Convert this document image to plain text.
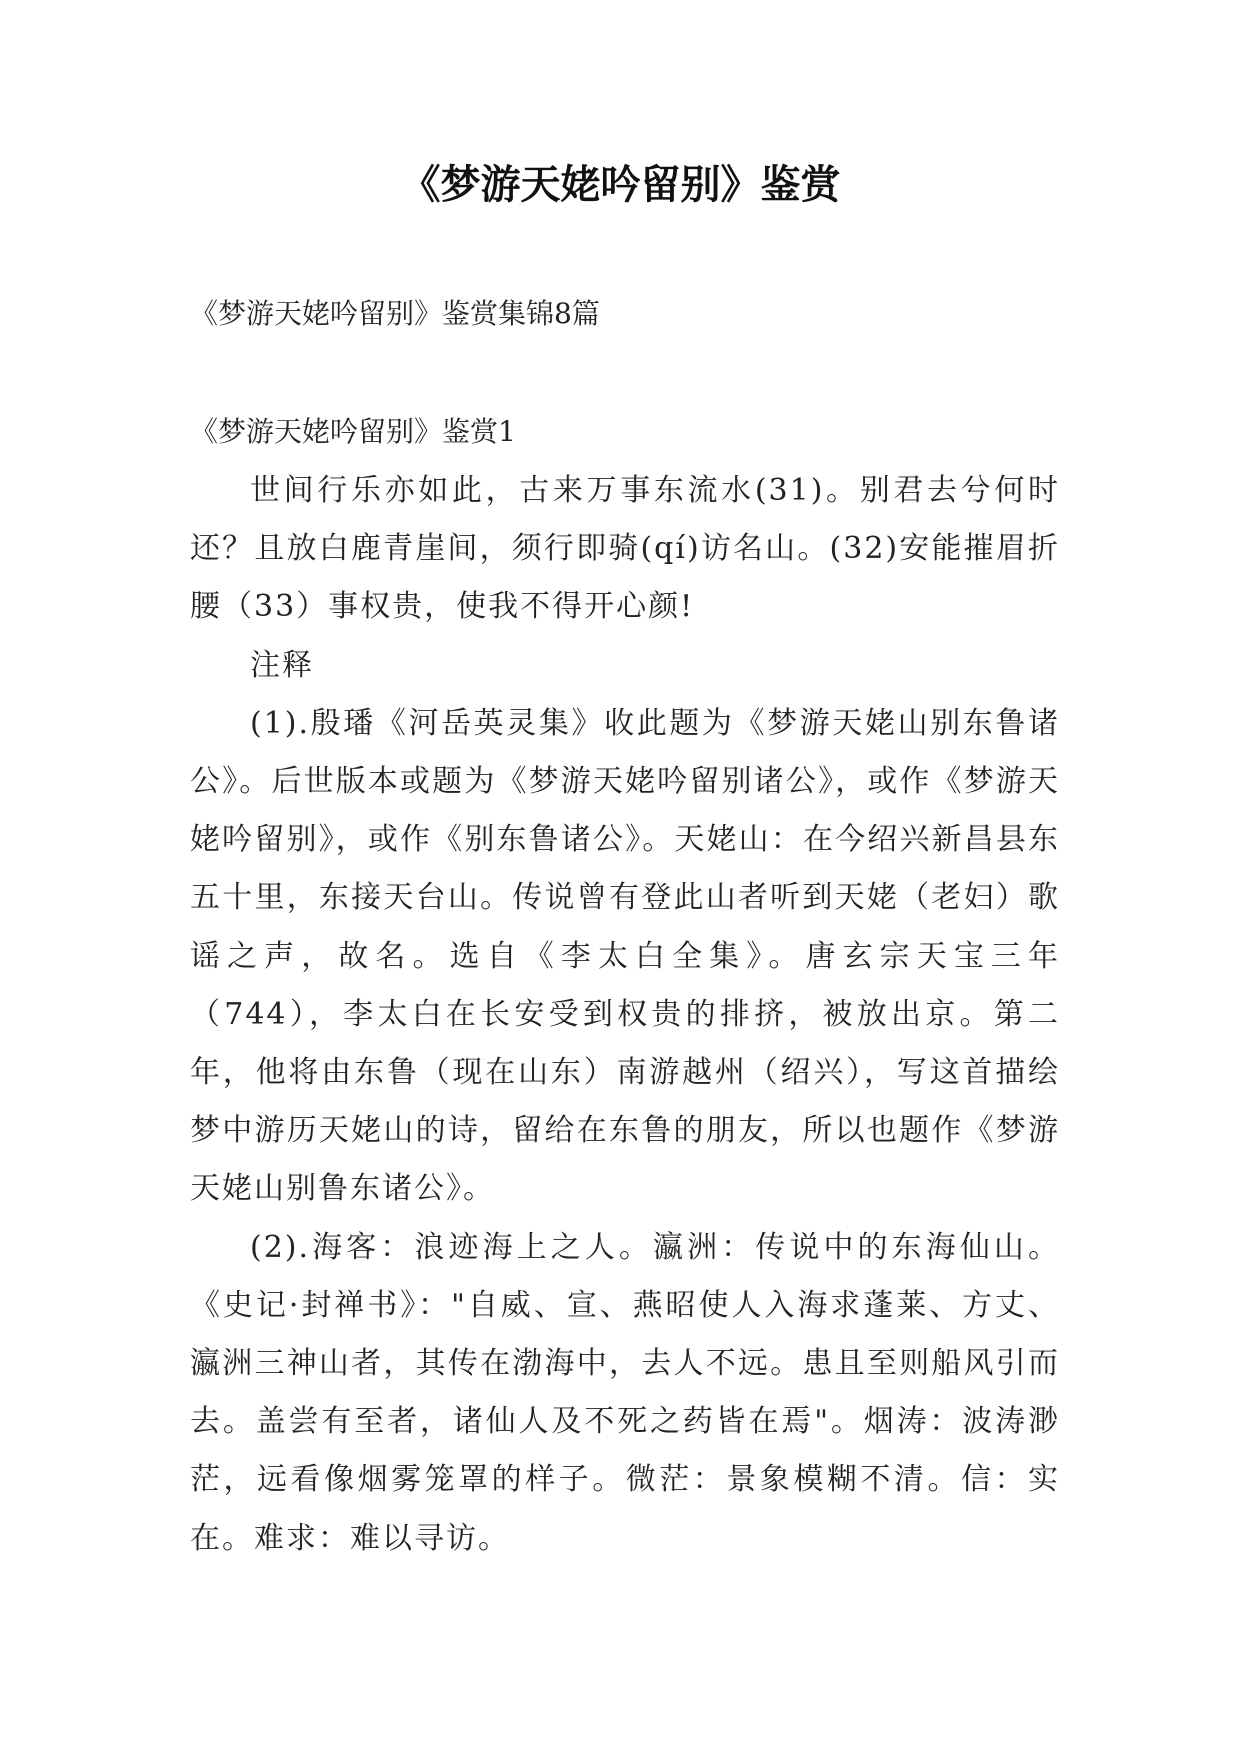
《梦游天姥吟留别》鉴赏
《梦游天姥吟留别》鉴赏集锦8篇
《梦游天姥吟留别》鉴赏1

世间行乐亦如此，古来万事东流水(31)。别君去兮何时还？且放白鹿青崖间，须行即骑(qí)访名山。(32)安能摧眉折腰（33）事权贵，使我不得开心颜!

注释

(1).殷璠《河岳英灵集》收此题为《梦游天姥山别东鲁诸公》。后世版本或题为《梦游天姥吟留别诸公》，或作《梦游天姥吟留别》，或作《别东鲁诸公》。天姥山：在今绍兴新昌县东五十里，东接天台山。传说曾有登此山者听到天姥（老妇）歌谣之声，故名。选自《李太白全集》。唐玄宗天宝三年（744），李太白在长安受到权贵的排挤，被放出京。第二年，他将由东鲁（现在山东）南游越州（绍兴），写这首描绘梦中游历天姥山的诗，留给在东鲁的朋友，所以也题作《梦游天姥山别鲁东诸公》。

(2).海客：浪迹海上之人。瀛洲：传说中的东海仙山。《史记·封禅书》："自威、宣、燕昭使人入海求蓬莱、方丈、瀛洲三神山者，其传在渤海中，去人不远。患且至则船风引而去。盖尝有至者，诸仙人及不死之药皆在焉"。烟涛：波涛渺茫，远看像烟雾笼罩的样子。微茫：景象模糊不清。信：实在。难求：难以寻访。
